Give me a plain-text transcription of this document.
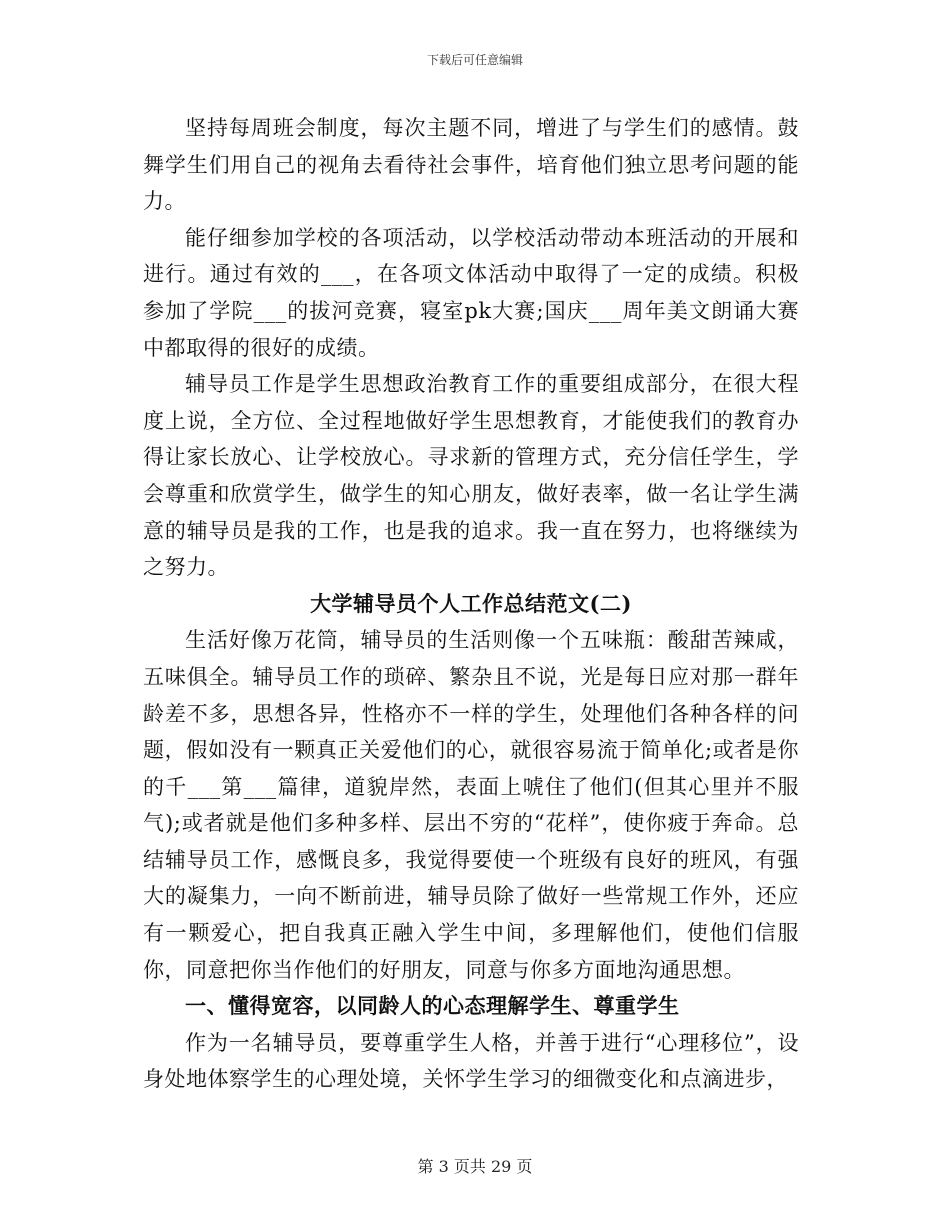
下载后可任意编辑

坚持每周班会制度，每次主题不同，增进了与学生们的感情。鼓舞学生们用自己的视角去看待社会事件，培育他们独立思考问题的能力。

能仔细参加学校的各项活动，以学校活动带动本班活动的开展和进行。通过有效的___，在各项文体活动中取得了一定的成绩。积极参加了学院___的拔河竞赛，寝室pk大赛;国庆___周年美文朗诵大赛中都取得的很好的成绩。

辅导员工作是学生思想政治教育工作的重要组成部分，在很大程度上说，全方位、全过程地做好学生思想教育，才能使我们的教育办得让家长放心、让学校放心。寻求新的管理方式，充分信任学生，学会尊重和欣赏学生，做学生的知心朋友，做好表率，做一名让学生满意的辅导员是我的工作，也是我的追求。我一直在努力，也将继续为之努力。

大学辅导员个人工作总结范文(二)

生活好像万花筒，辅导员的生活则像一个五味瓶：酸甜苦辣咸，五味俱全。辅导员工作的琐碎、繁杂且不说，光是每日应对那一群年龄差不多，思想各异，性格亦不一样的学生，处理他们各种各样的问题，假如没有一颗真正关爱他们的心，就很容易流于简单化;或者是你的千___第___篇律，道貌岸然，表面上唬住了他们(但其心里并不服气);或者就是他们多种多样、层出不穷的“花样”，使你疲于奔命。总结辅导员工作，感慨良多，我觉得要使一个班级有良好的班风，有强大的凝集力，一向不断前进，辅导员除了做好一些常规工作外，还应有一颗爱心，把自我真正融入学生中间，多理解他们，使他们信服你，同意把你当作他们的好朋友，同意与你多方面地沟通思想。

一、懂得宽容，以同龄人的心态理解学生、尊重学生

作为一名辅导员，要尊重学生人格，并善于进行“心理移位”，设身处地体察学生的心理处境，关怀学生学习的细微变化和点滴进步，

第 3 页共 29 页
